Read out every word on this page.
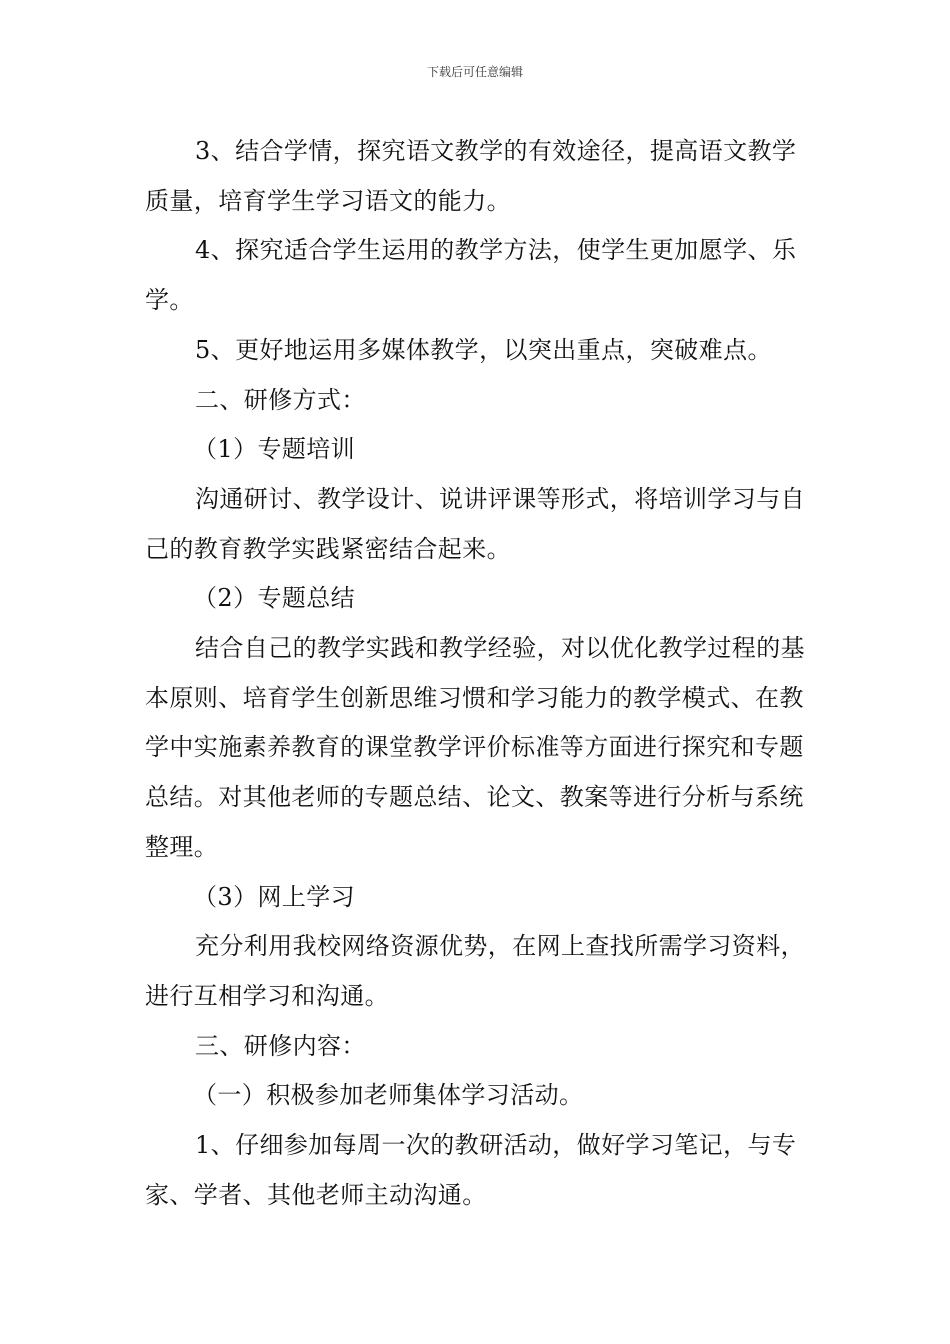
下载后可任意编辑

3、结合学情，探究语文教学的有效途径，提高语文教学质量，培育学生学习语文的能力。

4、探究适合学生运用的教学方法，使学生更加愿学、乐学。

5、更好地运用多媒体教学，以突出重点，突破难点。

二、研修方式：

（1）专题培训

沟通研讨、教学设计、说讲评课等形式，将培训学习与自己的教育教学实践紧密结合起来。

（2）专题总结

结合自己的教学实践和教学经验，对以优化教学过程的基本原则、培育学生创新思维习惯和学习能力的教学模式、在教学中实施素养教育的课堂教学评价标准等方面进行探究和专题总结。对其他老师的专题总结、论文、教案等进行分析与系统整理。

（3）网上学习

充分利用我校网络资源优势，在网上查找所需学习资料，进行互相学习和沟通。

三、研修内容：

（一）积极参加老师集体学习活动。

1、仔细参加每周一次的教研活动，做好学习笔记，与专家、学者、其他老师主动沟通。
